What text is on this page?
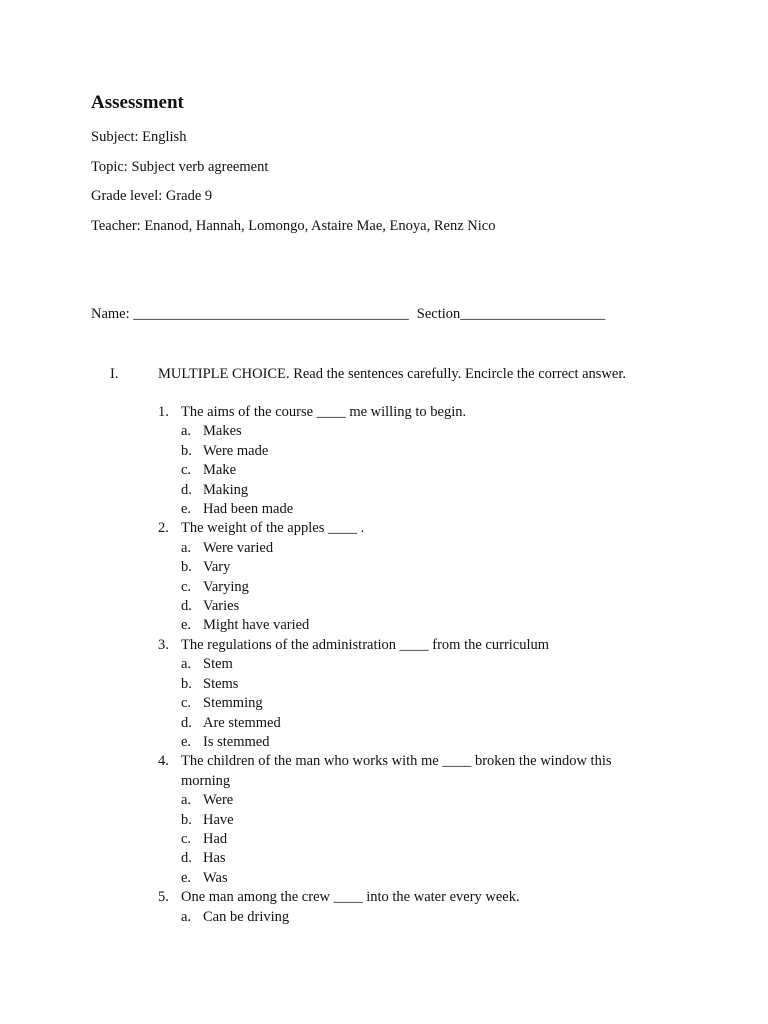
Assessment

Subject: English

Topic: Subject verb agreement

Grade level: Grade 9

Teacher: Enanod, Hannah, Lomongo, Astaire Mae, Enoya, Renz Nico

Name: ______________________________________ Section____________________
I.	MULTIPLE CHOICE. Read the sentences carefully. Encircle the correct answer.
1. The aims of the course ____ me willing to begin.
a. Makes
b. Were made
c. Make
d. Making
e. Had been made
2. The weight of the apples ____ .
a. Were varied
b. Vary
c. Varying
d. Varies
e. Might have varied
3. The regulations of the administration ____ from the curriculum
a. Stem
b. Stems
c. Stemming
d. Are stemmed
e. Is stemmed
4. The children of the man who works with me ____ broken the window this morning
a. Were
b. Have
c. Had
d. Has
e. Was
5. One man among the crew ____ into the water every week.
a. Can be driving
